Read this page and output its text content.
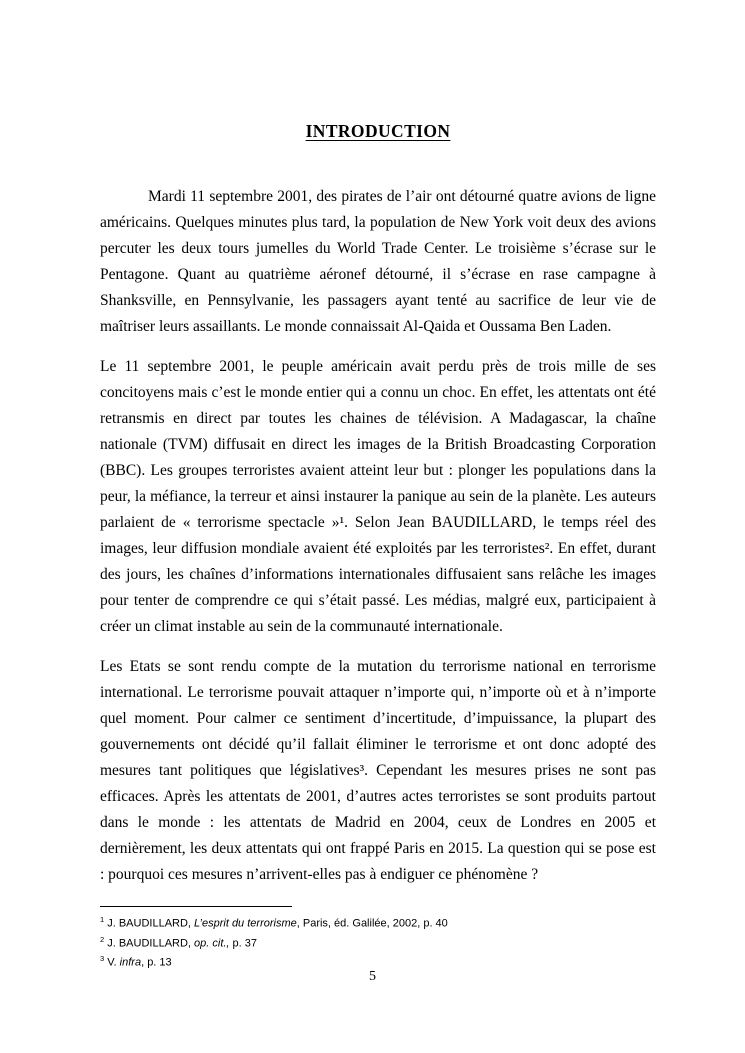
INTRODUCTION

Mardi 11 septembre 2001, des pirates de l’air ont détourné quatre avions de ligne américains. Quelques minutes plus tard, la population de New York voit deux des avions percuter les deux tours jumelles du World Trade Center. Le troisième s’écrase sur le Pentagone. Quant au quatrième aéronef détourné, il s’écrase en rase campagne à Shanksville, en Pennsylvanie, les passagers ayant tenté au sacrifice de leur vie de maîtriser leurs assaillants. Le monde connaissait Al-Qaida et Oussama Ben Laden.

Le 11 septembre 2001, le peuple américain avait perdu près de trois mille de ses concitoyens mais c’est le monde entier qui a connu un choc. En effet, les attentats ont été retransmis en direct par toutes les chaines de télévision. A Madagascar, la chaîne nationale (TVM) diffusait en direct les images de la British Broadcasting Corporation (BBC). Les groupes terroristes avaient atteint leur but : plonger les populations dans la peur, la méfiance, la terreur et ainsi instaurer la panique au sein de la planète. Les auteurs parlaient de « terrorisme spectacle »¹. Selon Jean BAUDILLARD, le temps réel des images, leur diffusion mondiale avaient été exploités par les terroristes². En effet, durant des jours, les chaînes d’informations internationales diffusaient sans relâche les images pour tenter de comprendre ce qui s’était passé. Les médias, malgré eux, participaient à créer un climat instable au sein de la communauté internationale.

Les Etats se sont rendu compte de la mutation du terrorisme national en terrorisme international. Le terrorisme pouvait attaquer n’importe qui, n’importe où et à n’importe quel moment. Pour calmer ce sentiment d’incertitude, d’impuissance, la plupart des gouvernements ont décidé qu’il fallait éliminer le terrorisme et ont donc adopté des mesures tant politiques que législatives³. Cependant les mesures prises ne sont pas efficaces. Après les attentats de 2001, d’autres actes terroristes se sont produits partout dans le monde : les attentats de Madrid en 2004, ceux de Londres en 2005 et dernièrement, les deux attentats qui ont frappé Paris en 2015. La question qui se pose est : pourquoi ces mesures n’arrivent-elles pas à endiguer ce phénomène ?

$^1$ J. BAUDILLARD, L’esprit du terrorisme, Paris, éd. Galilée, 2002, p. 40
$^2$ J. BAUDILLARD, op. cit., p. 37
$^3$ V. infra, p. 13
5
